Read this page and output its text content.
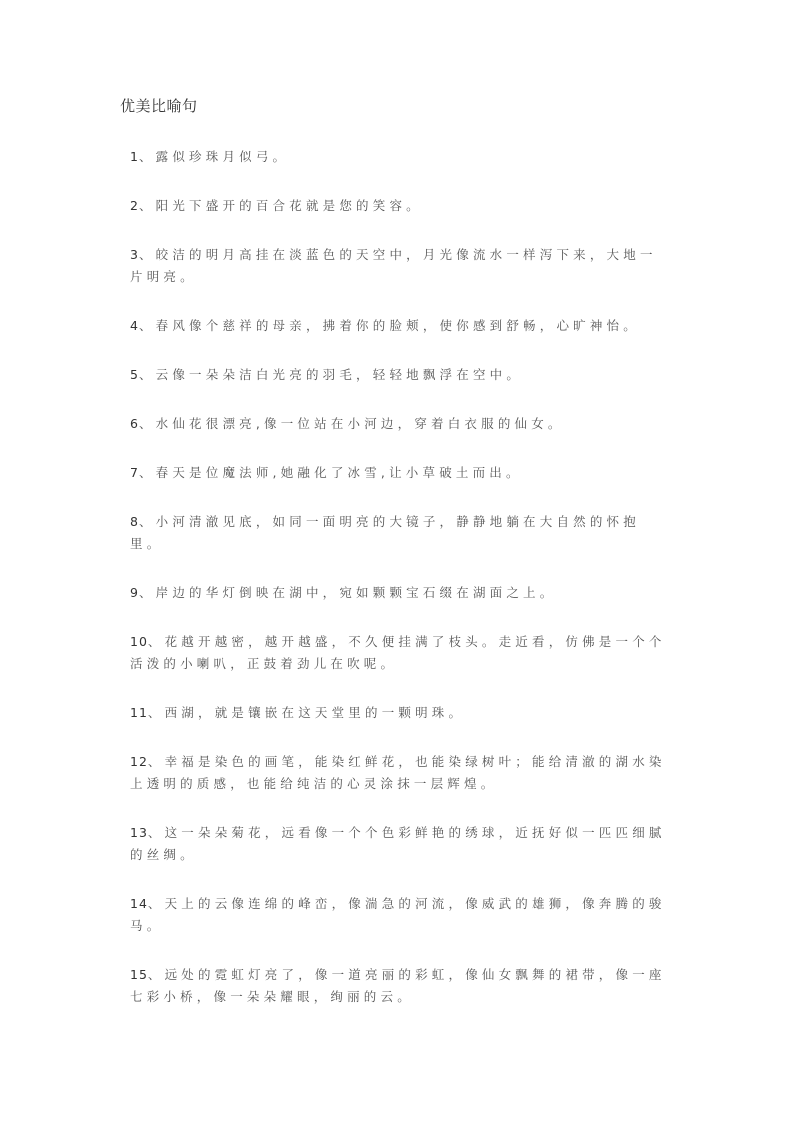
优美比喻句
1、露似珍珠月似弓。
2、阳光下盛开的百合花就是您的笑容。
3、皎洁的明月高挂在淡蓝色的天空中，月光像流水一样泻下来，大地一片明亮。
4、春风像个慈祥的母亲，拂着你的脸颊，使你感到舒畅，心旷神怡。
5、云像一朵朵洁白光亮的羽毛，轻轻地飘浮在空中。
6、水仙花很漂亮,像一位站在小河边，穿着白衣服的仙女。
7、春天是位魔法师,她融化了冰雪,让小草破土而出。
8、小河清澈见底，如同一面明亮的大镜子，静静地躺在大自然的怀抱里。
9、岸边的华灯倒映在湖中，宛如颗颗宝石缀在湖面之上。
10、花越开越密，越开越盛，不久便挂满了枝头。走近看，仿佛是一个个活泼的小喇叭，正鼓着劲儿在吹呢。
11、西湖，就是镶嵌在这天堂里的一颗明珠。
12、幸福是染色的画笔，能染红鲜花，也能染绿树叶；能给清澈的湖水染上透明的质感，也能给纯洁的心灵涂抹一层辉煌。
13、这一朵朵菊花，远看像一个个色彩鲜艳的绣球，近抚好似一匹匹细腻的丝绸。
14、天上的云像连绵的峰峦，像湍急的河流，像威武的雄狮，像奔腾的骏马。
15、远处的霓虹灯亮了，像一道亮丽的彩虹，像仙女飘舞的裙带，像一座七彩小桥，像一朵朵耀眼，绚丽的云。
